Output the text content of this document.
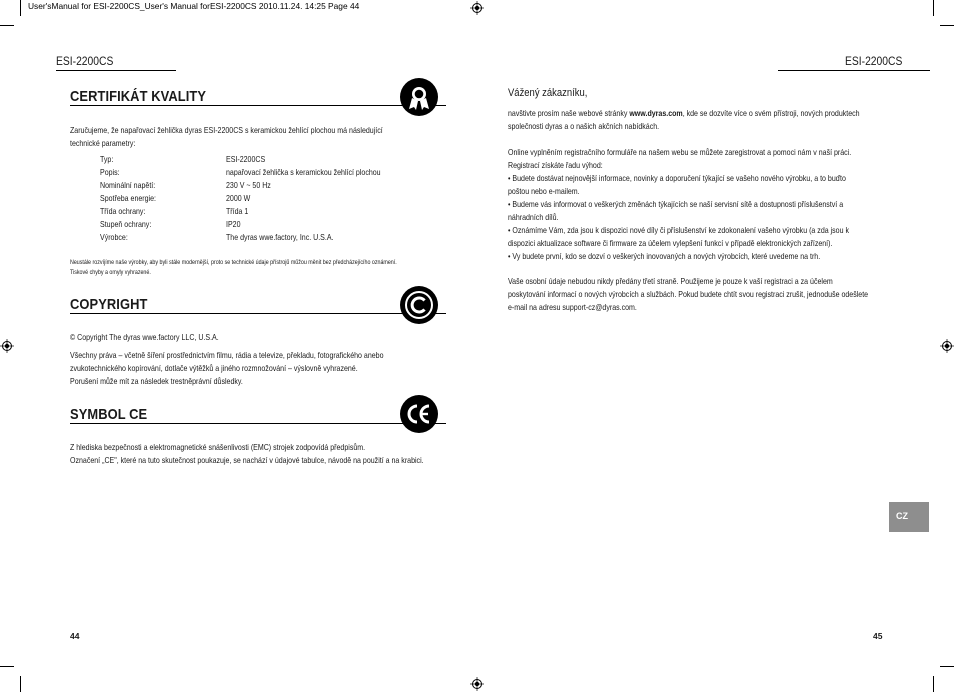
User'sManual for ESI-2200CS_User's Manual forESI-2200CS 2010.11.24. 14:25 Page 44
ESI-2200CS
CERTIFIKÁT KVALITY
Zaručujeme, že napařovací žehlička dyras ESI-2200CS s keramickou žehlící plochou má následující
technické parametry:
Typ:	ESI-2200CS
Popis:	napařovací žehlička s keramickou žehlící plochou
Nominální napětí:	230 V ~ 50 Hz
Spotřeba energie:	2000 W
Třída ochrany:	Třída 1
Stupeň ochrany:	IP20
Výrobce:	The dyras wwe.factory, Inc. U.S.A.
Neustále rozvíjíme naše výrobky, aby byli stále modernější, proto se technické údaje přístrojů můžou měnit bez předcházejícího oznámení.
Tiskové chyby a omyly vyhrazené.
COPYRIGHT
© Copyright The dyras wwe.factory LLC, U.S.A.
Všechny práva – včetně šíření prostřednictvím filmu, rádia a televize, překladu, fotografického anebo
zvukotechnického kopírování, dotlače výtěžků a jiného rozmnožování – výslovně vyhrazené.
Porušení může mít za následek trestněprávní důsledky.
SYMBOL CE
Z hlediska bezpečnosti a elektromagnetické snášenlivosti (EMC) strojek zodpovídá předpisům.
Označení „CE", které na tuto skutečnost poukazuje, se nachází v údajové tabulce, návodě na použití a na krabici.
44
ESI-2200CS
Vážený zákazníku,
navštivte prosím naše webové stránky www.dyras.com, kde se dozvíte více o svém přístroji, nových produktech
společnosti dyras a o našich akčních nabídkách.
Online vyplněním registračního formuláře na našem webu se můžete zaregistrovat a pomoci nám v naší práci.
Registrací získáte řadu výhod:
• Budete dostávat nejnovější informace, novinky a doporučení týkající se vašeho nového výrobku, a to buďto
poštou nebo e-mailem.
• Budeme vás informovat o veškerých změnách týkajících se naší servisní sítě a dostupnosti příslušenství a
náhradních dílů.
• Oznámíme Vám, zda jsou k dispozici nové díly či příslušenství ke zdokonalení vašeho výrobku (a zda jsou k
dispozici aktualizace software či firmware za účelem vylepšení funkcí v případě elektronických zařízení).
• Vy budete první, kdo se dozví o veškerých inovovaných a nových výrobcích, které uvedeme na trh.
Vaše osobní údaje nebudou nikdy předány třetí straně. Použijeme je pouze k vaší registraci a za účelem
poskytování informací o nových výrobcích a službách. Pokud budete chtít svou registraci zrušit, jednoduše odešlete
e-mail na adresu support-cz@dyras.com.
CZ
45
